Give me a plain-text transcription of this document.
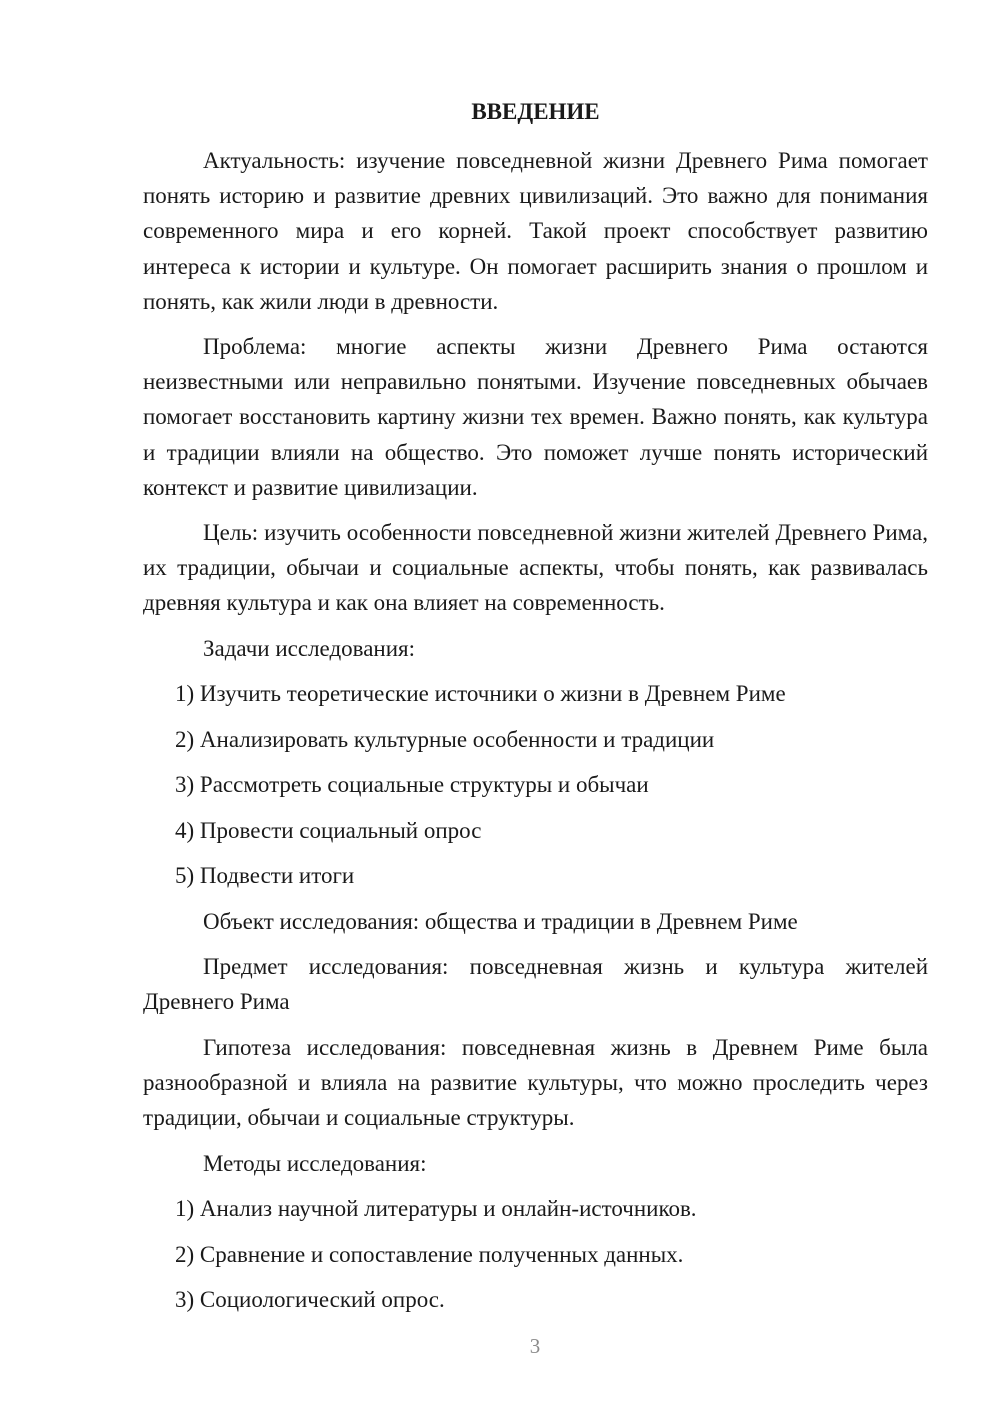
ВВЕДЕНИЕ
Актуальность: изучение повседневной жизни Древнего Рима помогает понять историю и развитие древних цивилизаций. Это важно для понимания современного мира и его корней. Такой проект способствует развитию интереса к истории и культуре. Он помогает расширить знания о прошлом и понять, как жили люди в древности.
Проблема: многие аспекты жизни Древнего Рима остаются неизвестными или неправильно понятыми. Изучение повседневных обычаев помогает восстановить картину жизни тех времен. Важно понять, как культура и традиции влияли на общество. Это поможет лучше понять исторический контекст и развитие цивилизации.
Цель: изучить особенности повседневной жизни жителей Древнего Рима, их традиции, обычаи и социальные аспекты, чтобы понять, как развивалась древняя культура и как она влияет на современность.
Задачи исследования:
1) Изучить теоретические источники о жизни в Древнем Риме
2) Анализировать культурные особенности и традиции
3) Рассмотреть социальные структуры и обычаи
4) Провести социальный опрос
5) Подвести итоги
Объект исследования: общества и традиции в Древнем Риме
Предмет исследования: повседневная жизнь и культура жителей Древнего Рима
Гипотеза исследования: повседневная жизнь в Древнем Риме была разнообразной и влияла на развитие культуры, что можно проследить через традиции, обычаи и социальные структуры.
Методы исследования:
1) Анализ научной литературы и онлайн-источников.
2) Сравнение и сопоставление полученных данных.
3) Социологический опрос.
3
